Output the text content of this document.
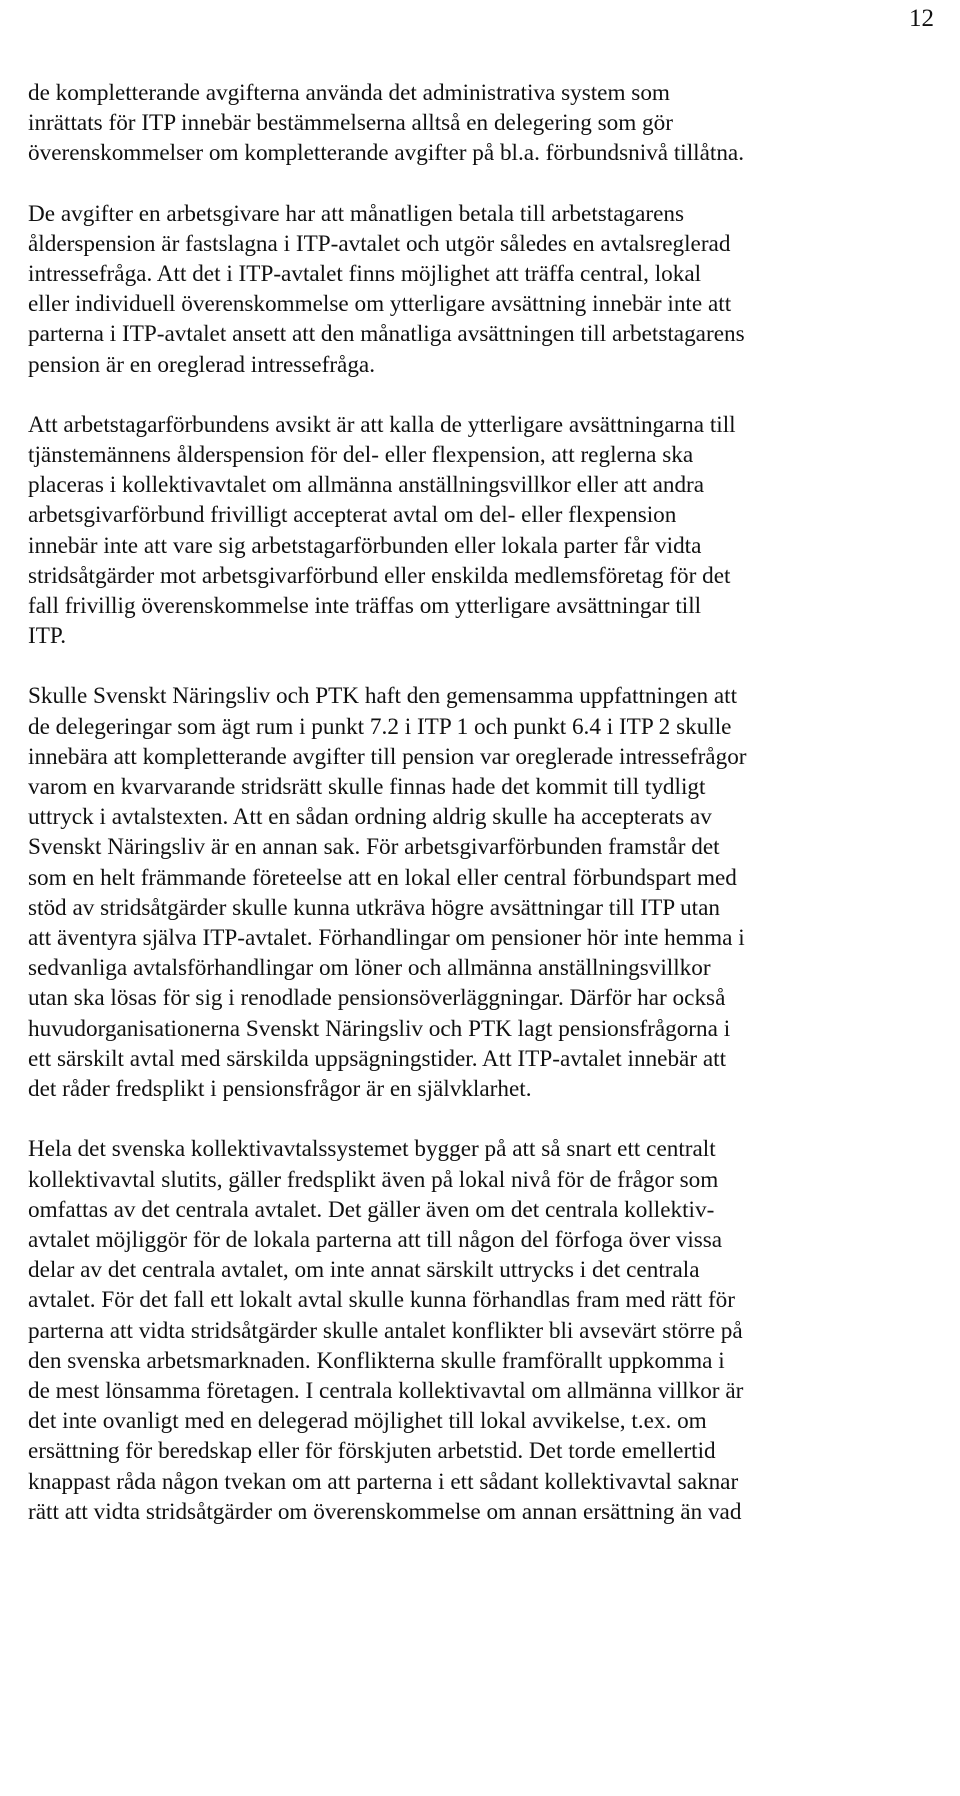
12

de kompletterande avgifterna använda det administrativa system som
inrättats för ITP innebär bestämmelserna alltså en delegering som gör
överenskommelser om kompletterande avgifter på bl.a. förbundsnivå tillåtna.

De avgifter en arbetsgivare har att månatligen betala till arbetstagarens
ålderspension är fastslagna i ITP-avtalet och utgör således en avtalsreglerad
intressefråga. Att det i ITP-avtalet finns möjlighet att träffa central, lokal
eller individuell överenskommelse om ytterligare avsättning innebär inte att
parterna i ITP-avtalet ansett att den månatliga avsättningen till arbetstagarens
pension är en oreglerad intressefråga.

Att arbetstagarförbundens avsikt är att kalla de ytterligare avsättningarna till
tjänstemännens ålderspension för del- eller flexpension, att reglerna ska
placeras i kollektivavtalet om allmänna anställningsvillkor eller att andra
arbetsgivarförbund frivilligt accepterat avtal om del- eller flexpension
innebär inte att vare sig arbetstagarförbunden eller lokala parter får vidta
stridsåtgärder mot arbetsgivarförbund eller enskilda medlemsföretag för det
fall frivillig överenskommelse inte träffas om ytterligare avsättningar till
ITP.

Skulle Svenskt Näringsliv och PTK haft den gemensamma uppfattningen att
de delegeringar som ägt rum i punkt 7.2 i ITP 1 och punkt 6.4 i ITP 2 skulle
innebära att kompletterande avgifter till pension var oreglerade intressefrågor
varom en kvarvarande stridsrätt skulle finnas hade det kommit till tydligt
uttryck i avtalstexten. Att en sådan ordning aldrig skulle ha accepterats av
Svenskt Näringsliv är en annan sak. För arbetsgivarförbunden framstår det
som en helt främmande företeelse att en lokal eller central förbundspart med
stöd av stridsåtgärder skulle kunna utkräva högre avsättningar till ITP utan
att äventyra själva ITP-avtalet. Förhandlingar om pensioner hör inte hemma i
sedvanliga avtalsförhandlingar om löner och allmänna anställningsvillkor
utan ska lösas för sig i renodlade pensionsöverläggningar. Därför har också
huvudorganisationerna Svenskt Näringsliv och PTK lagt pensionsfrågorna i
ett särskilt avtal med särskilda uppsägningstider. Att ITP-avtalet innebär att
det råder fredsplikt i pensionsfrågor är en självklarhet.

Hela det svenska kollektivavtalssystemet bygger på att så snart ett centralt
kollektivavtal slutits, gäller fredsplikt även på lokal nivå för de frågor som
omfattas av det centrala avtalet. Det gäller även om det centrala kollektiv-
avtalet möjliggör för de lokala parterna att till någon del förfoga över vissa
delar av det centrala avtalet, om inte annat särskilt uttrycks i det centrala
avtalet. För det fall ett lokalt avtal skulle kunna förhandlas fram med rätt för
parterna att vidta stridsåtgärder skulle antalet konflikter bli avsevärt större på
den svenska arbetsmarknaden. Konflikterna skulle framförallt uppkomma i
de mest lönsamma företagen. I centrala kollektivavtal om allmänna villkor är
det inte ovanligt med en delegerad möjlighet till lokal avvikelse, t.ex. om
ersättning för beredskap eller för förskjuten arbetstid. Det torde emellertid
knappast råda någon tvekan om att parterna i ett sådant kollektivavtal saknar
rätt att vidta stridsåtgärder om överenskommelse om annan ersättning än vad
